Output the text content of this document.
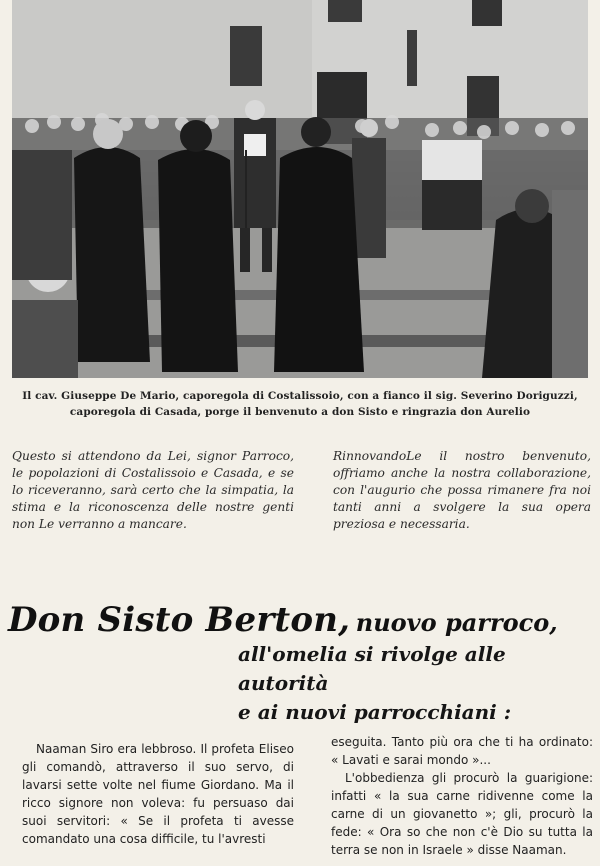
Il cav. Giuseppe De Mario, caporegola di Costalissoio, con a fianco il sig. Severino Doriguzzi, caporegola di Casada, porge il benvenuto a don Sisto e ringrazia don Aurelio
Questo si attendono da Lei, signor Parroco, le popolazioni di Costalissoio e Casada, e se lo riceveranno, sarà certo che la simpatia, la stima e la riconoscenza delle nostre genti non Le verranno a mancare.
RinnovandoLe il nostro benvenuto, offriamo anche la nostra collaborazione, con l'augurio che possa rimanere fra noi tanti anni a svolgere la sua opera preziosa e necessaria.
Don Sisto Berton, nuovo parroco,
all'omelia si rivolge alle autorità
e ai nuovi parrocchiani :
Naaman Siro era lebbroso. Il profeta Eliseo gli comandò, attraverso il suo servo, di lavarsi sette volte nel fiume Giordano. Ma il ricco signore non voleva: fu persuaso dai suoi servitori: « Se il profeta ti avesse comandato una cosa difficile, tu l'avresti
eseguita. Tanto più ora che ti ha ordinato: « Lavati e sarai mondo »...
L'obbedienza gli procurò la guarigione: infatti « la sua carne ridivenne come la carne di un giovanetto »; gli, procurò la fede: « Ora so che non c'è Dio su tutta la terra se non in Israele » disse Naaman.
